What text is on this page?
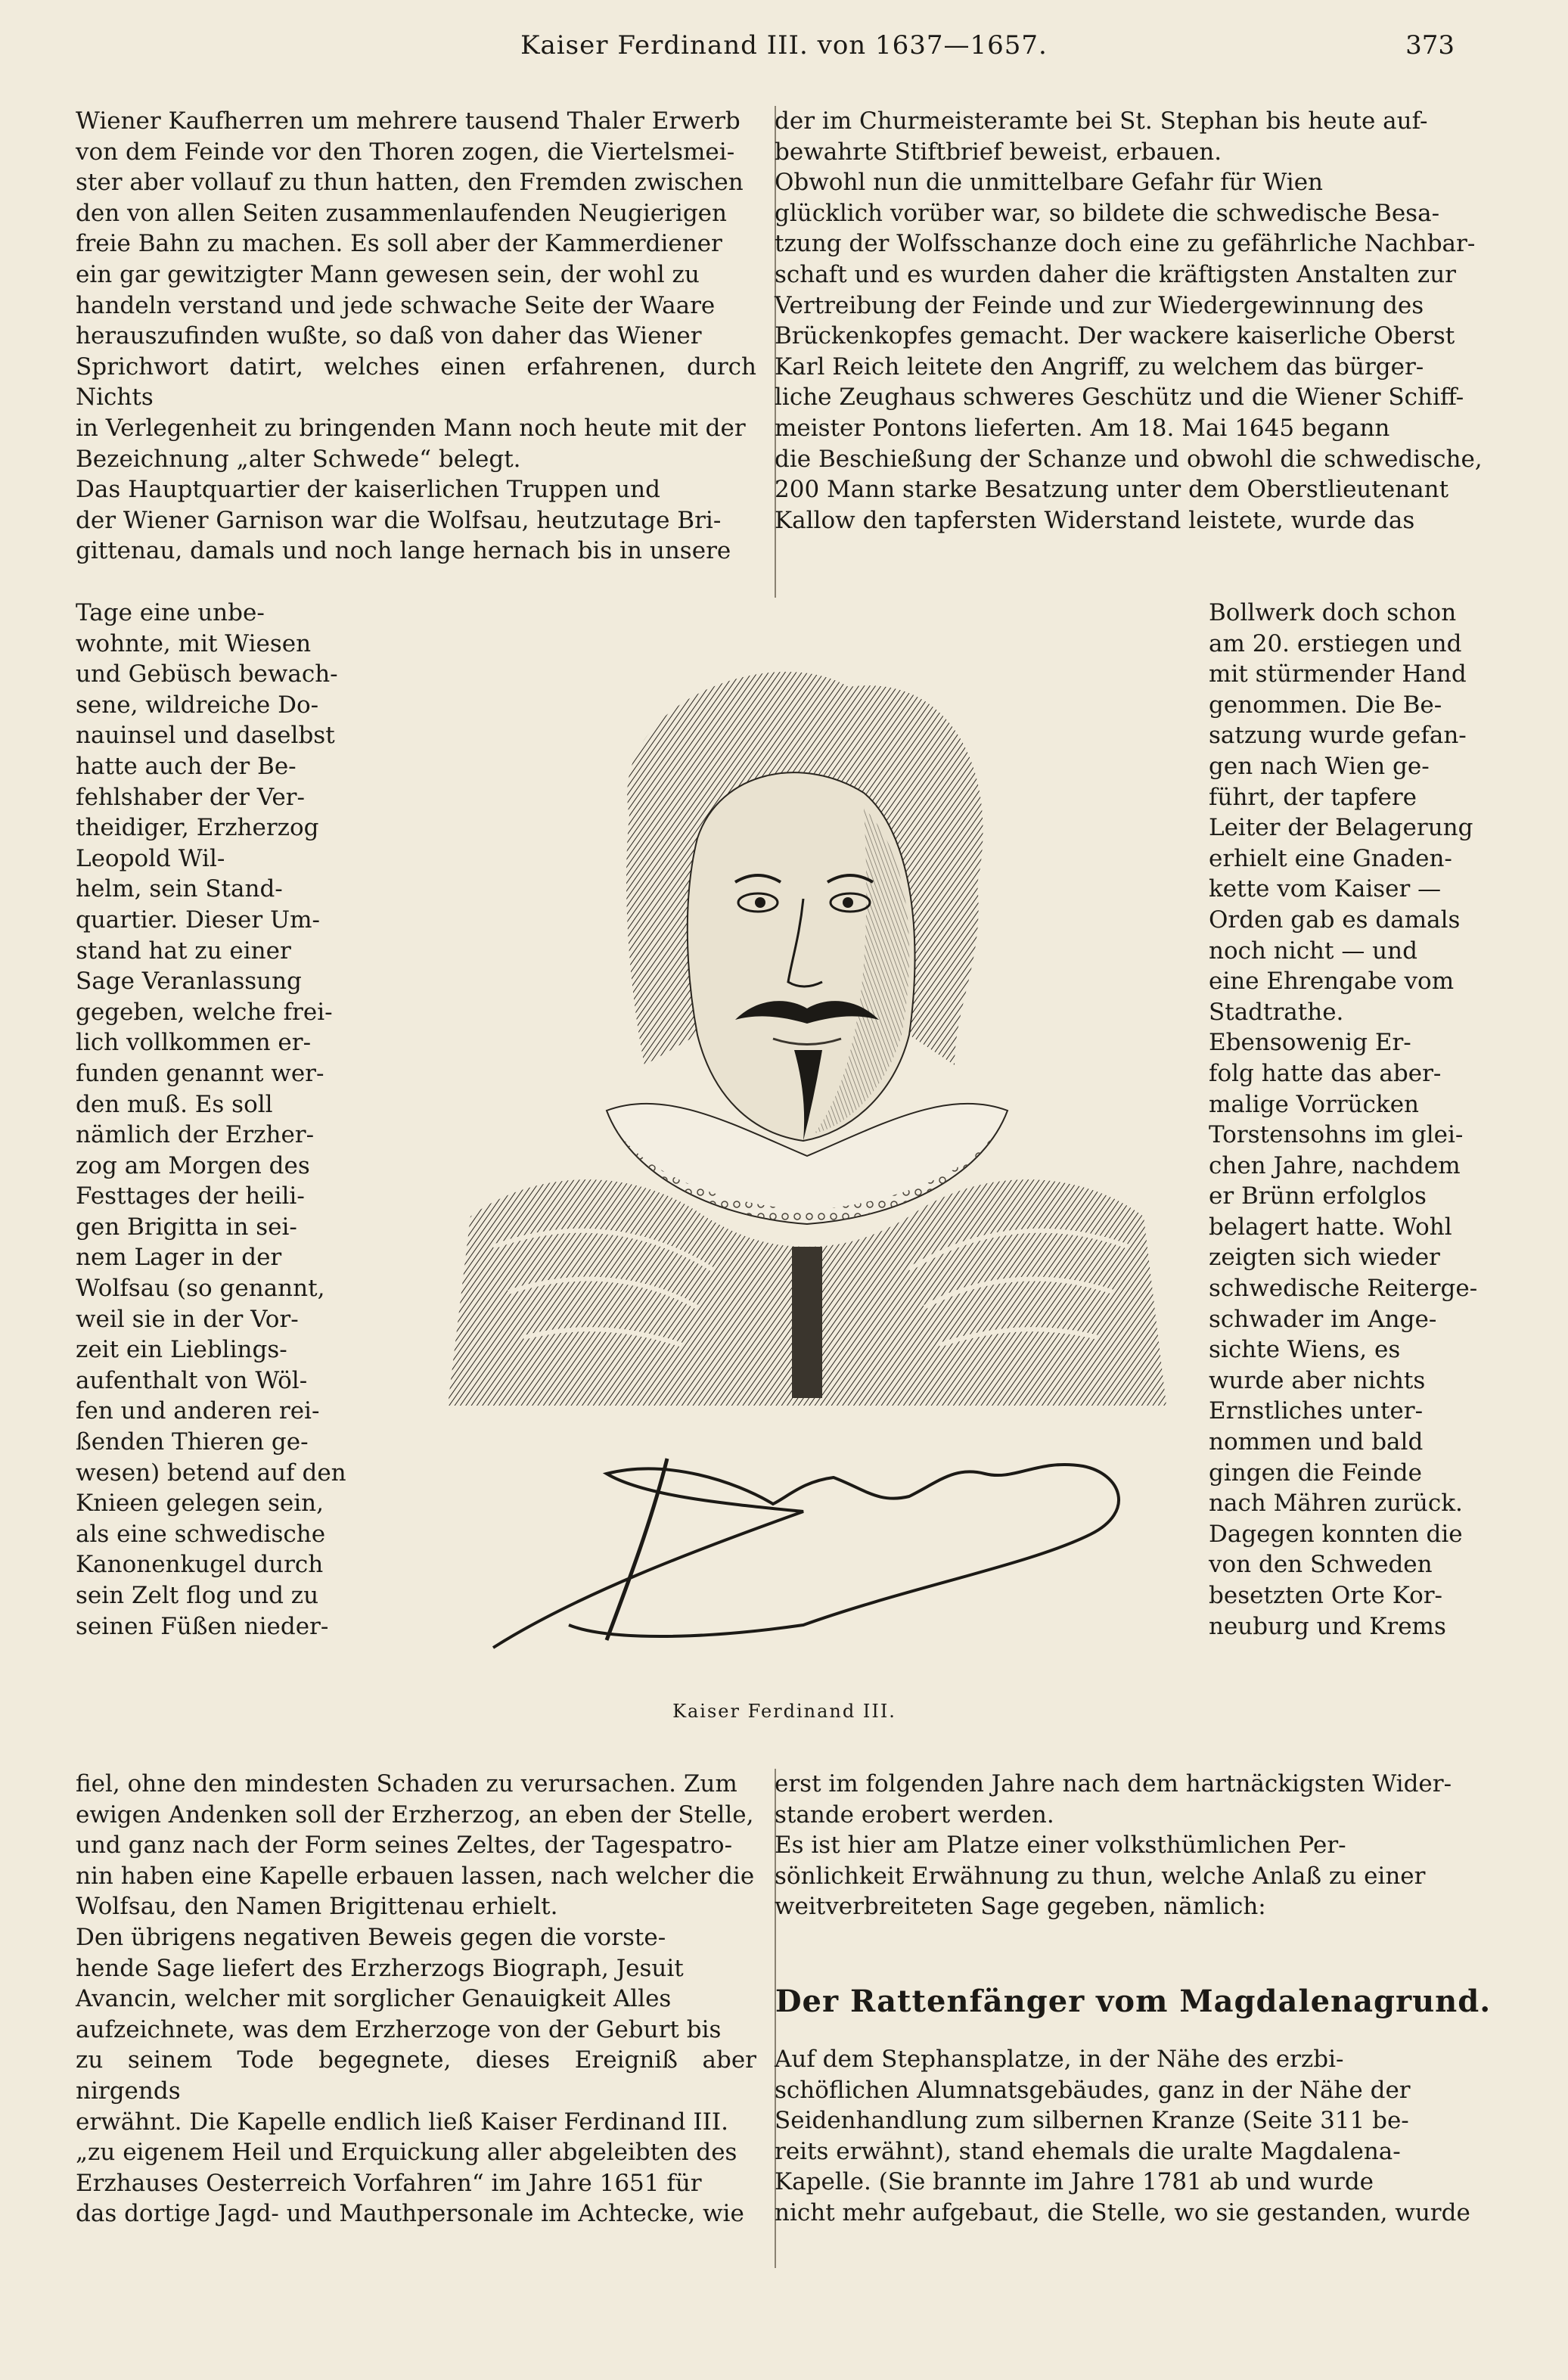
Kaiser Ferdinand III. von 1637—1657.	373
Wiener Kaufherren um mehrere tausend Thaler Erwerb
von dem Feinde vor den Thoren zogen, die Viertelsmei-
ster aber vollauf zu thun hatten, den Fremden zwischen
den von allen Seiten zusammenlaufenden Neugierigen
freie Bahn zu machen. Es soll aber der Kammerdiener
ein gar gewitzigter Mann gewesen sein, der wohl zu
handeln verstand und jede schwache Seite der Waare
herauszufinden wußte, so daß von daher das Wiener
Sprichwort datirt, welches einen erfahrenen, durch Nichts
in Verlegenheit zu bringenden Mann noch heute mit der
Bezeichnung „alter Schwede“ belegt.
Das Hauptquartier der kaiserlichen Truppen und
der Wiener Garnison war die Wolfsau, heutzutage Bri-
gittenau, damals und noch lange hernach bis in unsere
Tage eine unbe-
wohnte, mit Wiesen
und Gebüsch bewach-
sene, wildreiche Do-
nauinsel und daselbst
hatte auch der Be-
fehlshaber der Ver-
theidiger, Erzherzog
Leopold Wil-
helm, sein Stand-
quartier. Dieser Um-
stand hat zu einer
Sage Veranlassung
gegeben, welche frei-
lich vollkommen er-
funden genannt wer-
den muß. Es soll
nämlich der Erzher-
zog am Morgen des
Festtages der heili-
gen Brigitta in sei-
nem Lager in der
Wolfsau (so genannt,
weil sie in der Vor-
zeit ein Lieblings-
aufenthalt von Wöl-
fen und anderen rei-
ßenden Thieren ge-
wesen) betend auf den
Knieen gelegen sein,
als eine schwedische
Kanonenkugel durch
sein Zelt flog und zu
seinen Füßen nieder-
fiel, ohne den mindesten Schaden zu verursachen. Zum
ewigen Andenken soll der Erzherzog, an eben der Stelle,
und ganz nach der Form seines Zeltes, der Tagespatro-
nin haben eine Kapelle erbauen lassen, nach welcher die
Wolfsau, den Namen Brigittenau erhielt.
Den übrigens negativen Beweis gegen die vorste-
hende Sage liefert des Erzherzogs Biograph, Jesuit
Avancin, welcher mit sorglicher Genauigkeit Alles
aufzeichnete, was dem Erzherzoge von der Geburt bis
zu seinem Tode begegnete, dieses Ereigniß aber nirgends
erwähnt. Die Kapelle endlich ließ Kaiser Ferdinand III.
„zu eigenem Heil und Erquickung aller abgeleibten des
Erzhauses Oesterreich Vorfahren“ im Jahre 1651 für
das dortige Jagd- und Mauthpersonale im Achtecke, wie
der im Churmeisteramte bei St. Stephan bis heute auf-
bewahrte Stiftbrief beweist, erbauen.
Obwohl nun die unmittelbare Gefahr für Wien
glücklich vorüber war, so bildete die schwedische Besa-
tzung der Wolfsschanze doch eine zu gefährliche Nachbar-
schaft und es wurden daher die kräftigsten Anstalten zur
Vertreibung der Feinde und zur Wiedergewinnung des
Brückenkopfes gemacht. Der wackere kaiserliche Oberst
Karl Reich leitete den Angriff, zu welchem das bürger-
liche Zeughaus schweres Geschütz und die Wiener Schiff-
meister Pontons lieferten. Am 18. Mai 1645 begann
die Beschießung der Schanze und obwohl die schwedische,
200 Mann starke Besatzung unter dem Oberstlieutenant
Kallow den tapfersten Widerstand leistete, wurde das
Bollwerk doch schon
am 20. erstiegen und
mit stürmender Hand
genommen. Die Be-
satzung wurde gefan-
gen nach Wien ge-
führt, der tapfere
Leiter der Belagerung
erhielt eine Gnaden-
kette vom Kaiser —
Orden gab es damals
noch nicht — und
eine Ehrengabe vom
Stadtrathe.
Ebensowenig Er-
folg hatte das aber-
malige Vorrücken
Torstensohns im glei-
chen Jahre, nachdem
er Brünn erfolglos
belagert hatte. Wohl
zeigten sich wieder
schwedische Reiterge-
schwader im Ange-
sichte Wiens, es
wurde aber nichts
Ernstliches unter-
nommen und bald
gingen die Feinde
nach Mähren zurück.
Dagegen konnten die
von den Schweden
besetzten Orte Kor-
neuburg und Krems
erst im folgenden Jahre nach dem hartnäckigsten Wider-
stande erobert werden.
Es ist hier am Platze einer volksthümlichen Per-
sönlichkeit Erwähnung zu thun, welche Anlaß zu einer
weitverbreiteten Sage gegeben, nämlich:
Der Rattenfänger vom Magdalenagrund.
Auf dem Stephansplatze, in der Nähe des erzbi-
schöflichen Alumnatsgebäudes, ganz in der Nähe der
Seidenhandlung zum silbernen Kranze (Seite 311 be-
reits erwähnt), stand ehemals die uralte Magdalena-
Kapelle. (Sie brannte im Jahre 1781 ab und wurde
nicht mehr aufgebaut, die Stelle, wo sie gestanden, wurde
Kaiser Ferdinand III.
